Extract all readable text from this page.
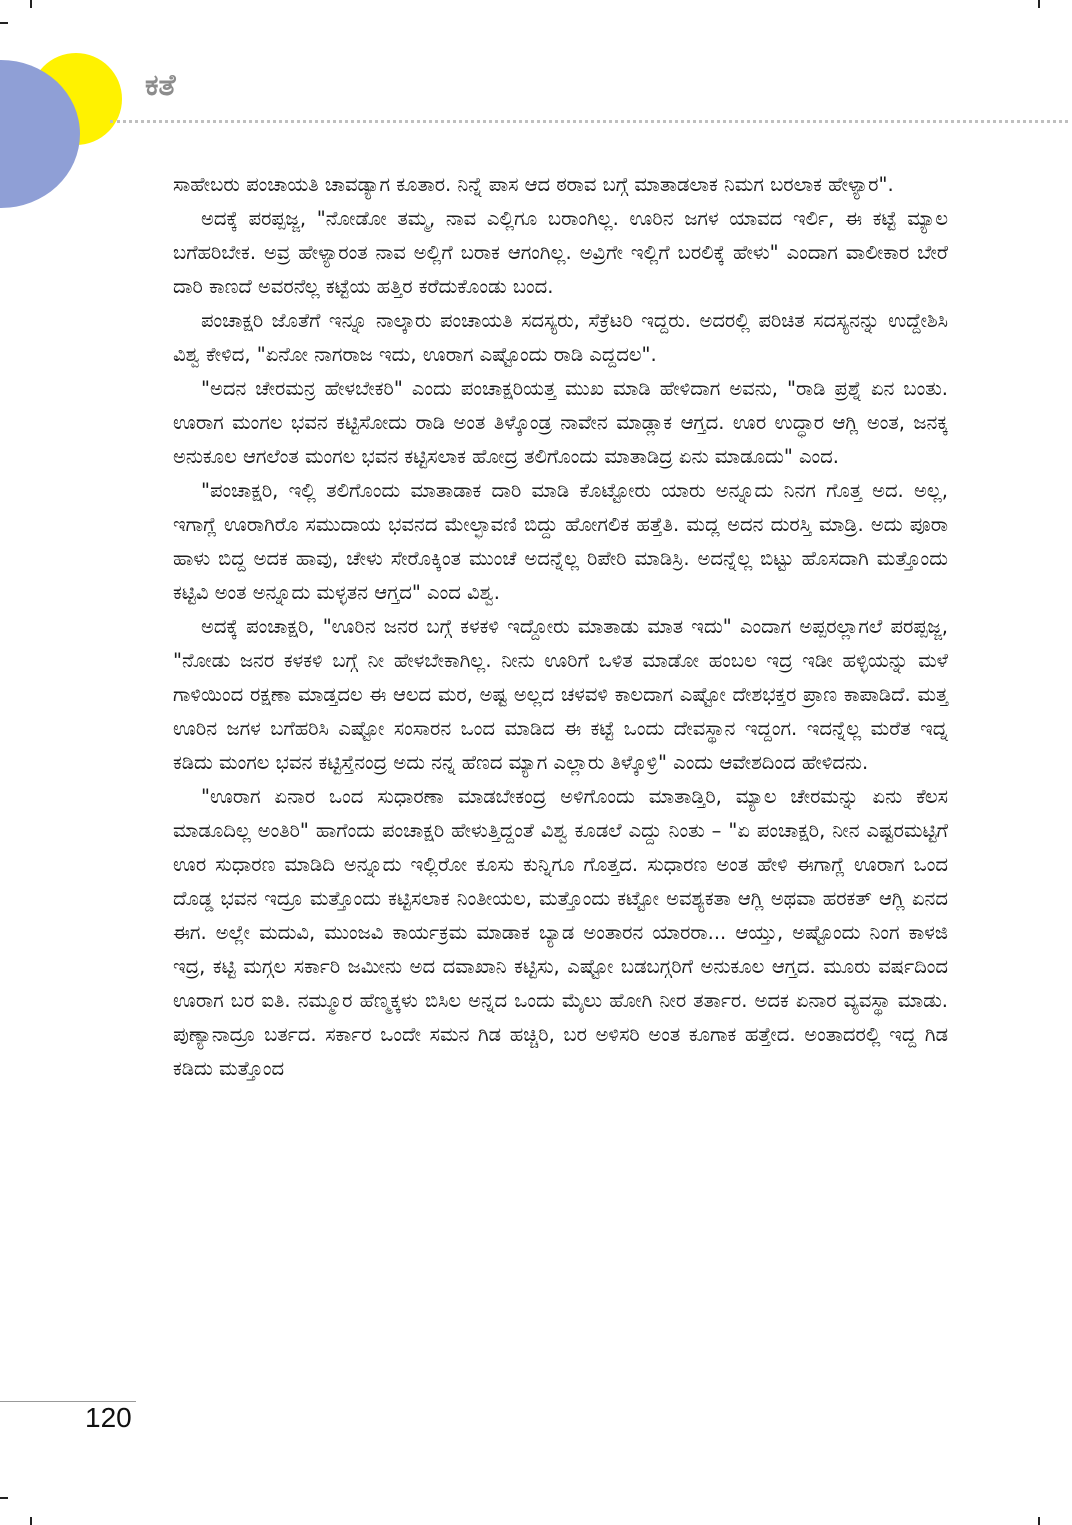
ಕತೆ

ಸಾಹೇಬರು ಪಂಚಾಯತಿ ಚಾವಡ್ಯಾಗ ಕೂತಾರ. ನಿನ್ನೆ ಪಾಸ ಆದ ಠರಾವ ಬಗ್ಗೆ ಮಾತಾಡಲಾಕ ನಿಮಗ ಬರಲಾಕ ಹೇಳ್ಯಾರ".

ಅದಕ್ಕೆ ಪರಪ್ಪಜ್ಜ, "ನೋಡೋ ತಮ್ಮ, ನಾವ ಎಲ್ಲಿಗೂ ಬರಾಂಗಿಲ್ಲ. ಊರಿನ ಜಗಳ ಯಾವದ ಇರ್ಲಿ, ಈ ಕಟ್ಟೆ ಮ್ಯಾಲ ಬಗೆಹರಿಬೇಕ. ಅವ್ರ ಹೇಳ್ಯಾರಂತ ನಾವ ಅಲ್ಲಿಗೆ ಬರಾಕ ಆಗಂಗಿಲ್ಲ. ಅವ್ರಿಗೇ ಇಲ್ಲಿಗೆ ಬರಲಿಕ್ಕೆ ಹೇಳು" ಎಂದಾಗ ವಾಲೀಕಾರ ಬೇರೆ ದಾರಿ ಕಾಣದೆ ಅವರನೆಲ್ಲ ಕಟ್ಟೆಯ ಹತ್ತಿರ ಕರೆದುಕೊಂಡು ಬಂದ.

ಪಂಚಾಕ್ಷರಿ ಜೊತೆಗೆ ಇನ್ನೂ ನಾಲ್ಕಾರು ಪಂಚಾಯತಿ ಸದಸ್ಯರು, ಸೆಕ್ರೆಟರಿ ಇದ್ದರು. ಅದರಲ್ಲಿ ಪರಿಚಿತ ಸದಸ್ಯನನ್ನು ಉದ್ದೇಶಿಸಿ ವಿಶ್ವ ಕೇಳಿದ, "ಏನೋ ನಾಗರಾಜ ಇದು, ಊರಾಗ ಎಷ್ಟೊಂದು ರಾಡಿ ಎದ್ದದಲ".

"ಅದನ ಚೇರಮನ್ರ ಹೇಳಬೇಕರಿ" ಎಂದು ಪಂಚಾಕ್ಷರಿಯತ್ತ ಮುಖ ಮಾಡಿ ಹೇಳಿದಾಗ ಅವನು, "ರಾಡಿ ಪ್ರಶ್ನೆ ಏನ ಬಂತು. ಊರಾಗ ಮಂಗಲ ಭವನ ಕಟ್ಟಿಸೋದು ರಾಡಿ ಅಂತ ತಿಳ್ಕೊಂಡ್ರ ನಾವೇನ ಮಾಡ್ಲಾಕ ಆಗ್ತದ. ಊರ ಉದ್ಧಾರ ಆಗ್ಲಿ ಅಂತ, ಜನಕ್ಕ ಅನುಕೂಲ ಆಗಲೆಂತ ಮಂಗಲ ಭವನ ಕಟ್ಟಿಸಲಾಕ ಹೋದ್ರ ತಲಿಗೊಂದು ಮಾತಾಡಿದ್ರ ಏನು ಮಾಡೂದು" ಎಂದ.

"ಪಂಚಾಕ್ಷರಿ, ಇಲ್ಲಿ ತಲಿಗೊಂದು ಮಾತಾಡಾಕ ದಾರಿ ಮಾಡಿ ಕೊಟ್ಟೋರು ಯಾರು ಅನ್ನೂದು ನಿನಗ ಗೊತ್ತ ಅದ. ಅಲ್ಲ, ಇಗಾಗ್ಲೆ ಊರಾಗಿರೊ ಸಮುದಾಯ ಭವನದ ಮೇಲ್ಛಾವಣಿ ಬಿದ್ದು ಹೋಗಲಿಕ ಹತ್ತೆತಿ. ಮದ್ಲ ಅದನ ದುರಸ್ತಿ ಮಾಡ್ರಿ. ಅದು ಪೂರಾ ಹಾಳು ಬಿದ್ದ ಅದಕ ಹಾವು, ಚೇಳು ಸೇರೊಕ್ಕಿಂತ ಮುಂಚೆ ಅದನ್ನೆಲ್ಲ ರಿಪೇರಿ ಮಾಡಿಸ್ರಿ. ಅದನ್ನೆಲ್ಲ ಬಿಟ್ಟು ಹೊಸದಾಗಿ ಮತ್ತೊಂದು ಕಟ್ಟಿವಿ ಅಂತ ಅನ್ನೂದು ಮಳ್ಳತನ ಆಗ್ತದ" ಎಂದ ವಿಶ್ವ.

ಅದಕ್ಕೆ ಪಂಚಾಕ್ಷರಿ, "ಊರಿನ ಜನರ ಬಗ್ಗೆ ಕಳಕಳಿ ಇದ್ದೋರು ಮಾತಾಡು ಮಾತ ಇದು" ಎಂದಾಗ ಅಪ್ಪರಲ್ಲಾಗಲೆ ಪರಪ್ಪಜ್ಜ, "ನೋಡು ಜನರ ಕಳಕಳಿ ಬಗ್ಗೆ ನೀ ಹೇಳಬೇಕಾಗಿಲ್ಲ. ನೀನು ಊರಿಗೆ ಒಳಿತ ಮಾಡೋ ಹಂಬಲ ಇದ್ರ ಇಡೀ ಹಳ್ಳಿಯನ್ನು ಮಳೆ ಗಾಳಿಯಿಂದ ರಕ್ಷಣಾ ಮಾಡ್ತದಲ ಈ ಆಲದ ಮರ, ಅಷ್ಟ ಅಲ್ಲದ ಚಳವಳಿ ಕಾಲದಾಗ ಎಷ್ಟೋ ದೇಶಭಕ್ತರ ಪ್ರಾಣ ಕಾಪಾಡಿದೆ. ಮತ್ತ ಊರಿನ ಜಗಳ ಬಗೆಹರಿಸಿ ಎಷ್ಟೋ ಸಂಸಾರನ ಒಂದ ಮಾಡಿದ ಈ ಕಟ್ಟೆ ಒಂದು ದೇವಸ್ಥಾನ ಇದ್ದಂಗ. ಇದನ್ನೆಲ್ಲ ಮರೆತ ಇದ್ನ ಕಡಿದು ಮಂಗಲ ಭವನ ಕಟ್ಟಿಸ್ತೆನಂದ್ರ ಅದು ನನ್ನ ಹೆಣದ ಮ್ಯಾಗ ಎಲ್ಲಾರು ತಿಳ್ಕೊಳ್ರಿ" ಎಂದು ಆವೇಶದಿಂದ ಹೇಳಿದನು.

"ಊರಾಗ ಏನಾರ ಒಂದ ಸುಧಾರಣಾ ಮಾಡಬೇಕಂದ್ರ ಅಳಿಗೊಂದು ಮಾತಾಡ್ತಿರಿ, ಮ್ಯಾಲ ಚೇರಮನ್ನು ಏನು ಕೆಲಸ ಮಾಡೂದಿಲ್ಲ ಅಂತಿರಿ" ಹಾಗೆಂದು ಪಂಚಾಕ್ಷರಿ ಹೇಳುತ್ತಿದ್ದಂತೆ ವಿಶ್ವ ಕೂಡಲೆ ಎದ್ದು ನಿಂತು – "ಏ ಪಂಚಾಕ್ಷರಿ, ನೀನ ಎಷ್ಟರಮಟ್ಟಿಗೆ ಊರ ಸುಧಾರಣ ಮಾಡಿದಿ ಅನ್ನೂದು ಇಲ್ಲಿರೋ ಕೂಸು ಕುನ್ನಿಗೂ ಗೊತ್ತದ. ಸುಧಾರಣ ಅಂತ ಹೇಳಿ ಈಗಾಗ್ಲೆ ಊರಾಗ ಒಂದ ದೊಡ್ಡ ಭವನ ಇದ್ರೂ ಮತ್ತೊಂದು ಕಟ್ಟಿಸಲಾಕ ನಿಂತೀಯಲ, ಮತ್ತೊಂದು ಕಟ್ಟೋ ಅವಶ್ಯಕತಾ ಆಗ್ಲಿ ಅಥವಾ ಹರಕತ್ ಆಗ್ಲಿ ಏನದ ಈಗ. ಅಲ್ಲೇ ಮದುವಿ, ಮುಂಜವಿ ಕಾರ್ಯಕ್ರಮ ಮಾಡಾಕ ಬ್ಯಾಡ ಅಂತಾರನ ಯಾರರಾ... ಆಯ್ತು, ಅಷ್ಟೊಂದು ನಿಂಗ ಕಾಳಜಿ ಇದ್ರ, ಕಟ್ಟಿ ಮಗ್ಗಲ ಸರ್ಕಾರಿ ಜಮೀನು ಅದ ದವಾಖಾನಿ ಕಟ್ಟಿಸು, ಎಷ್ಟೋ ಬಡಬಗ್ಗರಿಗೆ ಅನುಕೂಲ ಆಗ್ತದ. ಮೂರು ವರ್ಷದಿಂದ ಊರಾಗ ಬರ ಐತಿ. ನಮ್ಮೂರ ಹೆಣ್ಮಕ್ಕಳು ಬಿಸಿಲ ಅನ್ನದ ಒಂದು ಮೈಲು ಹೋಗಿ ನೀರ ತರ್ತಾರ. ಅದಕ ಏನಾರ ವ್ಯವಸ್ಥಾ ಮಾಡು. ಪುಣ್ಯಾನಾದ್ರೂ ಬರ್ತದ. ಸರ್ಕಾರ ಒಂದೇ ಸಮನ ಗಿಡ ಹಚ್ಚಿರಿ, ಬರ ಅಳಿಸರಿ ಅಂತ ಕೂಗಾಕ ಹತ್ತೇದ. ಅಂತಾದರಲ್ಲಿ ಇದ್ದ ಗಿಡ ಕಡಿದು ಮತ್ತೊಂದ

120
